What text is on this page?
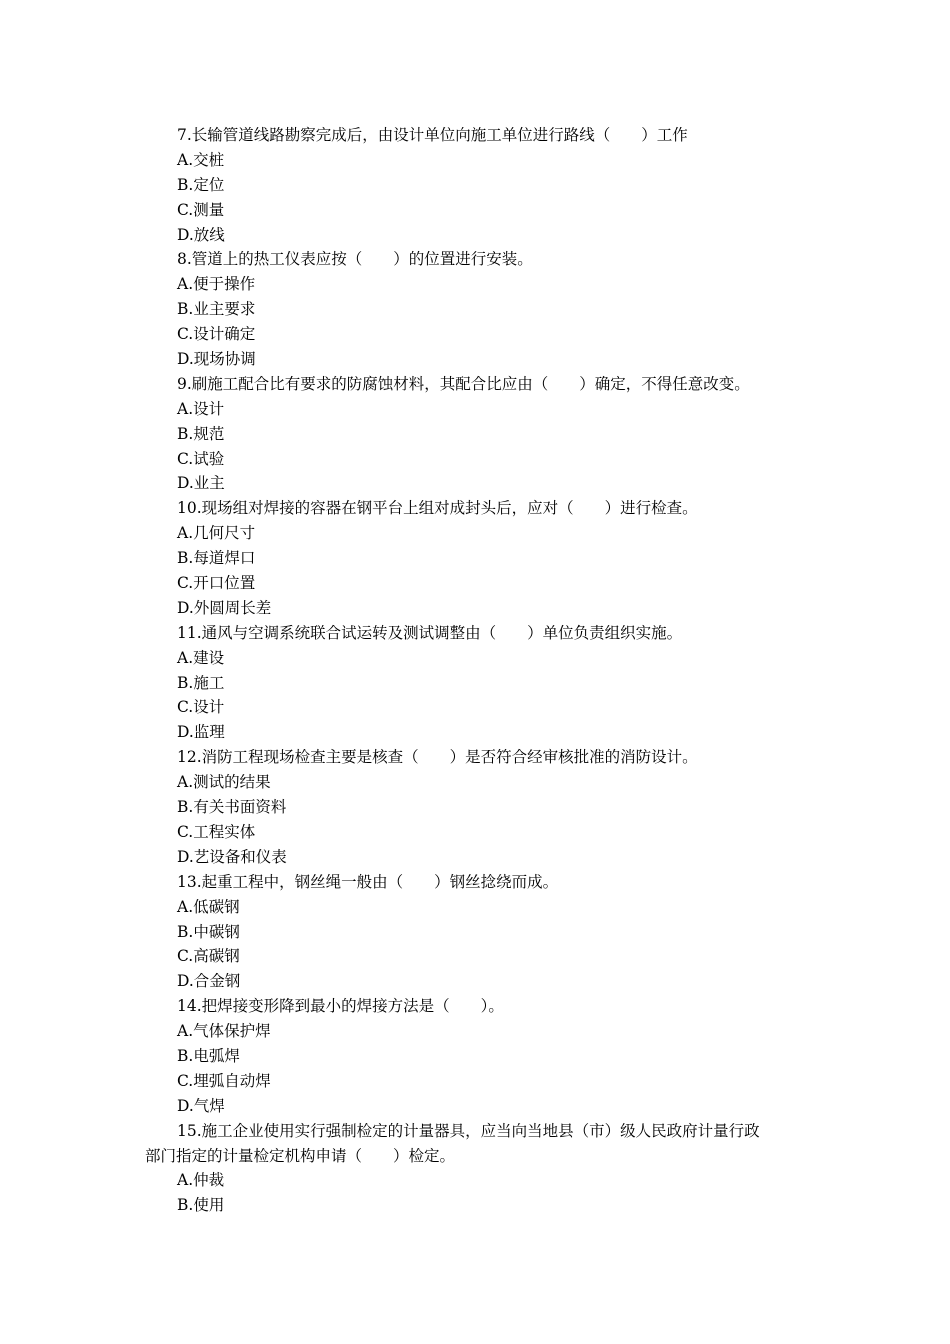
7.长输管道线路勘察完成后，由设计单位向施工单位进行路线（　　）工作
A.交桩
B.定位
C.测量
D.放线
8.管道上的热工仪表应按（　　）的位置进行安装。
A.便于操作
B.业主要求
C.设计确定
D.现场协调
9.刷施工配合比有要求的防腐蚀材料，其配合比应由（　　）确定，不得任意改变。
A.设计
B.规范
C.试验
D.业主
10.现场组对焊接的容器在钢平台上组对成封头后，应对（　　）进行检查。
A.几何尺寸
B.每道焊口
C.开口位置
D.外圆周长差
11.通风与空调系统联合试运转及测试调整由（　　）单位负责组织实施。
A.建设
B.施工
C.设计
D.监理
12.消防工程现场检查主要是核查（　　）是否符合经审核批准的消防设计。
A.测试的结果
B.有关书面资料
C.工程实体
D.艺设备和仪表
13.起重工程中，钢丝绳一般由（　　）钢丝捻绕而成。
A.低碳钢
B.中碳钢
C.高碳钢
D.合金钢
14.把焊接变形降到最小的焊接方法是（　　）。
A.气体保护焊
B.电弧焊
C.埋弧自动焊
D.气焊
15.施工企业使用实行强制检定的计量器具，应当向当地县（市）级人民政府计量行政
部门指定的计量检定机构申请（　　）检定。
A.仲裁
B.使用
